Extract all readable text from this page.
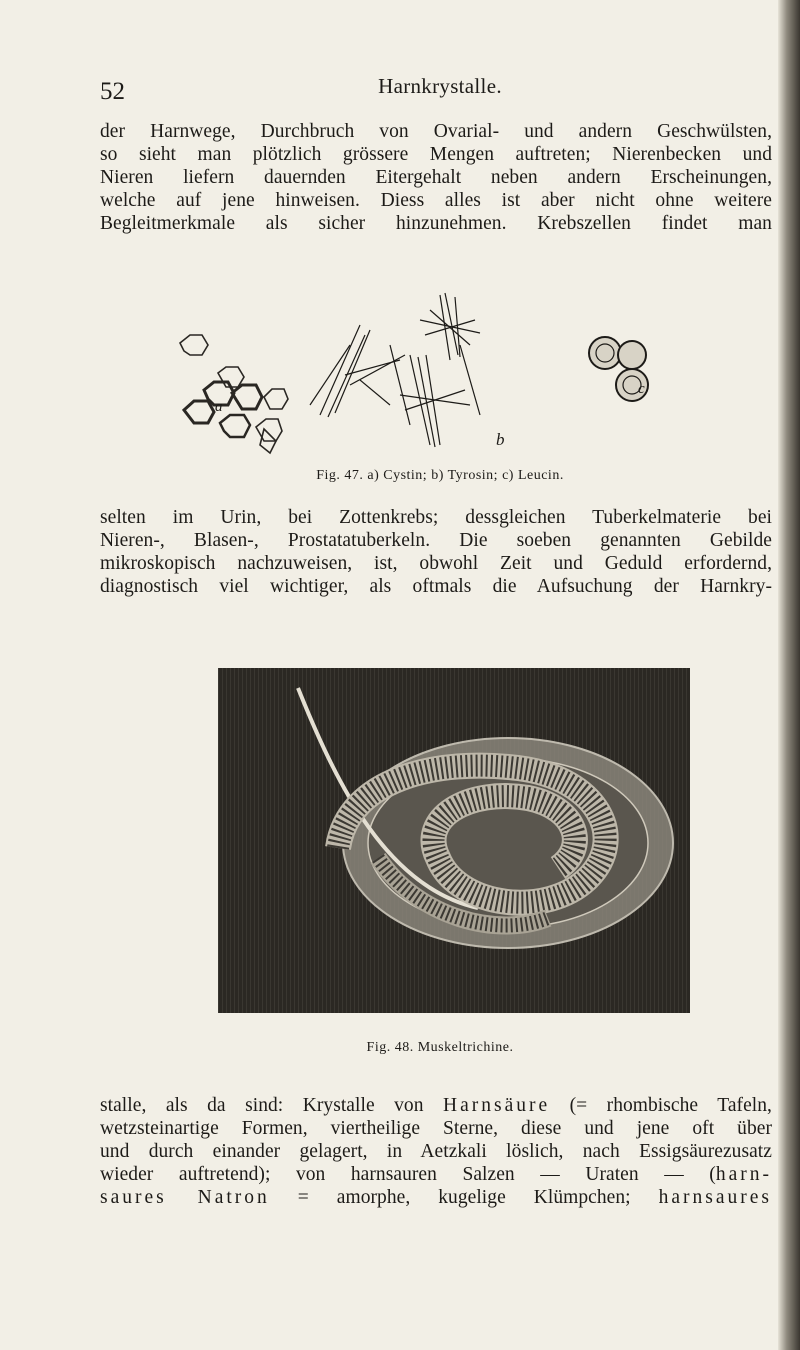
52	Harnkrystalle.

der Harnwege, Durchbruch von Ovarial- und andern Geschwülsten,
so sieht man plötzlich grössere Mengen auftreten; Nierenbecken und
Nieren liefern dauernden Eitergehalt neben andern Erscheinungen,
welche auf jene hinweisen. Diess alles ist aber nicht ohne weitere
Begleitmerkmale als sicher hinzunehmen. Krebszellen findet man

a
b
c
Fig. 47. a) Cystin; b) Tyrosin; c) Leucin.

selten im Urin, bei Zottenkrebs; dessgleichen Tuberkelmaterie bei
Nieren-, Blasen-, Prostatatuberkeln. Die soeben genannten Gebilde
mikroskopisch nachzuweisen, ist, obwohl Zeit und Geduld erfordernd,
diagnostisch viel wichtiger, als oftmals die Aufsuchung der Harnkry-

Fig. 48. Muskeltrichine.

stalle, als da sind: Krystalle von Harnsäure (= rhombische Tafeln,
wetzsteinartige Formen, viertheilige Sterne, diese und jene oft über
und durch einander gelagert, in Aetzkali löslich, nach Essigsäurezusatz
wieder auftretend); von harnsauren Salzen — Uraten — (harn-
saures Natron = amorphe, kugelige Klümpchen; harnsaures
